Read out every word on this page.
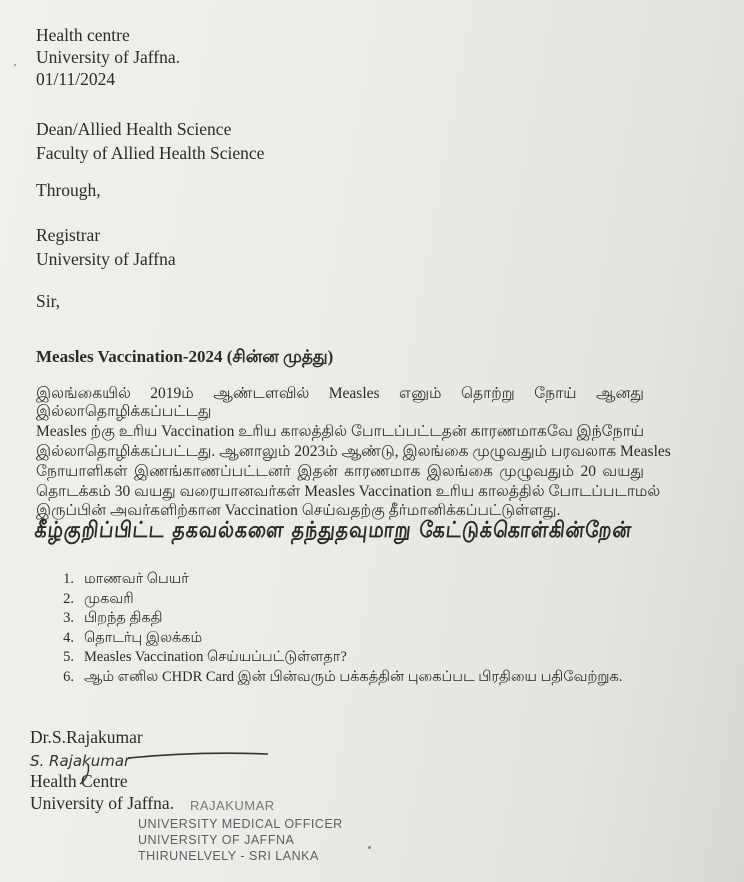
Health centre
University of Jaffna.
01/11/2024
Dean/Allied Health Science
Faculty of Allied Health Science
Through,
Registrar
University of Jaffna
Sir,
Measles Vaccination-2024 (சின்ன முத்து)
இலங்கையில் 2019ம் ஆண்டளவில் Measles எனும் தொற்று நோய் ஆனது
இல்லாதொழிக்கப்பட்டது
Measles ற்கு உரிய Vaccination உரிய காலத்தில் போடப்பட்டதன் காரணமாகவே இந்நோய்
இல்லாதொழிக்கப்பட்டது. ஆனாலும் 2023ம் ஆண்டு, இலங்கை முழுவதும் பரவலாக Measles
நோயாளிகள் இணங்காணப்பட்டனர் இதன் காரணமாக இலங்கை முழுவதும் 20 வயது
தொடக்கம் 30 வயது வரையானவர்கள் Measles Vaccination உரிய காலத்தில் போடப்படாமல்
இருப்பின் அவர்களிற்கான Vaccination செய்வதற்கு தீர்மானிக்கப்பட்டுள்ளது.
கீழ்குறிப்பிட்ட தகவல்களை தந்துதவுமாறு கேட்டுக்கொள்கின்றேன்
1. மாணவர் பெயர்
2. முகவரி
3. பிறந்த திகதி
4. தொடர்பு இலக்கம்
5. Measles Vaccination செய்யப்பட்டுள்ளதா?
6. ஆம் எனில CHDR Card இன் பின்வரும் பக்கத்தின் புகைப்பட பிரதியை பதிவேற்றுக.
Dr.S.Rajakumar
Health Centre
University of Jaffna.
S. Rajakumar
RAJAKUMAR
UNIVERSITY MEDICAL OFFICER
UNIVERSITY OF JAFFNA
THIRUNELVELY - SRI LANKA
